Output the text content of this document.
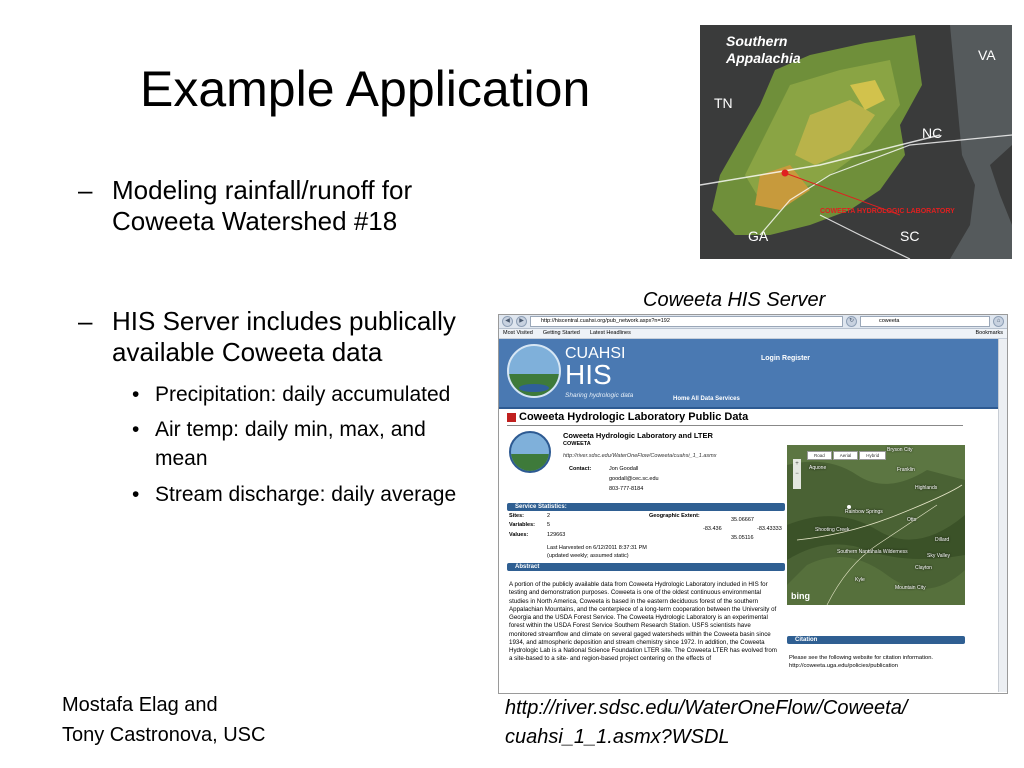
Example Application
– Modeling rainfall/runoff for Coweeta Watershed #18
– HIS Server includes publically available Coweeta data
• Precipitation: daily accumulated
• Air temp: daily min, max, and mean
• Stream discharge: daily average
Mostafa Elag and
Tony Castronova, USC
Southern
Appalachia	VA
TN
NC
GA	SC
COWEETA HYDROLOGIC LABORATORY
Coweeta HIS Server
◀	▶	http://hiscentral.cuahsi.org/pub_network.aspx?n=192	↻	coweeta	⌂
Most Visited Getting Started Latest Headlines	Bookmarks
CUAHSI
HIS
Sharing hydrologic data
Login Register
Home All Data Services
Coweeta Hydrologic Laboratory Public Data
Coweeta Hydrologic Laboratory and LTER
COWEETA
http://river.sdsc.edu/WaterOneFlow/Coweeta/cuahsi_1_1.asmx
Contact:	Jon Goodall
goodall@cec.sc.edu
803-777-8184
Service Statistics:
Sites:	2
Variables: 5
Values:	129663
Geographic Extent:
35.06667
-83.436	-83.43333
35.05116
Last Harvested on 6/12/2011 8:37:31 PM
(updated weekly; assumed static)
Abstract
A portion of the publicly available data from Coweeta Hydrologic Laboratory included in HIS for testing and demonstration purposes. Coweeta is one of the oldest continuous environmental studies in North America, Coweeta is based in the eastern deciduous forest of the southern Appalachian Mountains, and the centerpiece of a long-term cooperation between the University of Georgia and the USDA Forest Service. The Coweeta Hydrologic Laboratory is an experimental forest within the USDA Forest Service Southern Research Station. USFS scientists have monitored streamflow and climate on several gaged watersheds within the Coweeta basin since 1934, and atmospheric deposition and stream chemistry since 1972. In addition, the Coweeta Hydrologic Lab is a National Science Foundation LTER site. The Coweeta LTER has evolved from a site-based to a site- and region-based project centering on the effects of
Road	Aerial	Hybrid
+
−
Bryson City
Franklin
Highlands
Sky Valley
Clayton
Mountain City
Kyle
Aquone
Otto
Dillard
Rainbow Springs
Shooting Creek
Southern Nantahala Wilderness
bing
Citation
Please see the following website for citation information. http://coweeta.uga.edu/policies/publication
http://river.sdsc.edu/WaterOneFlow/Coweeta/
cuahsi_1_1.asmx?WSDL
